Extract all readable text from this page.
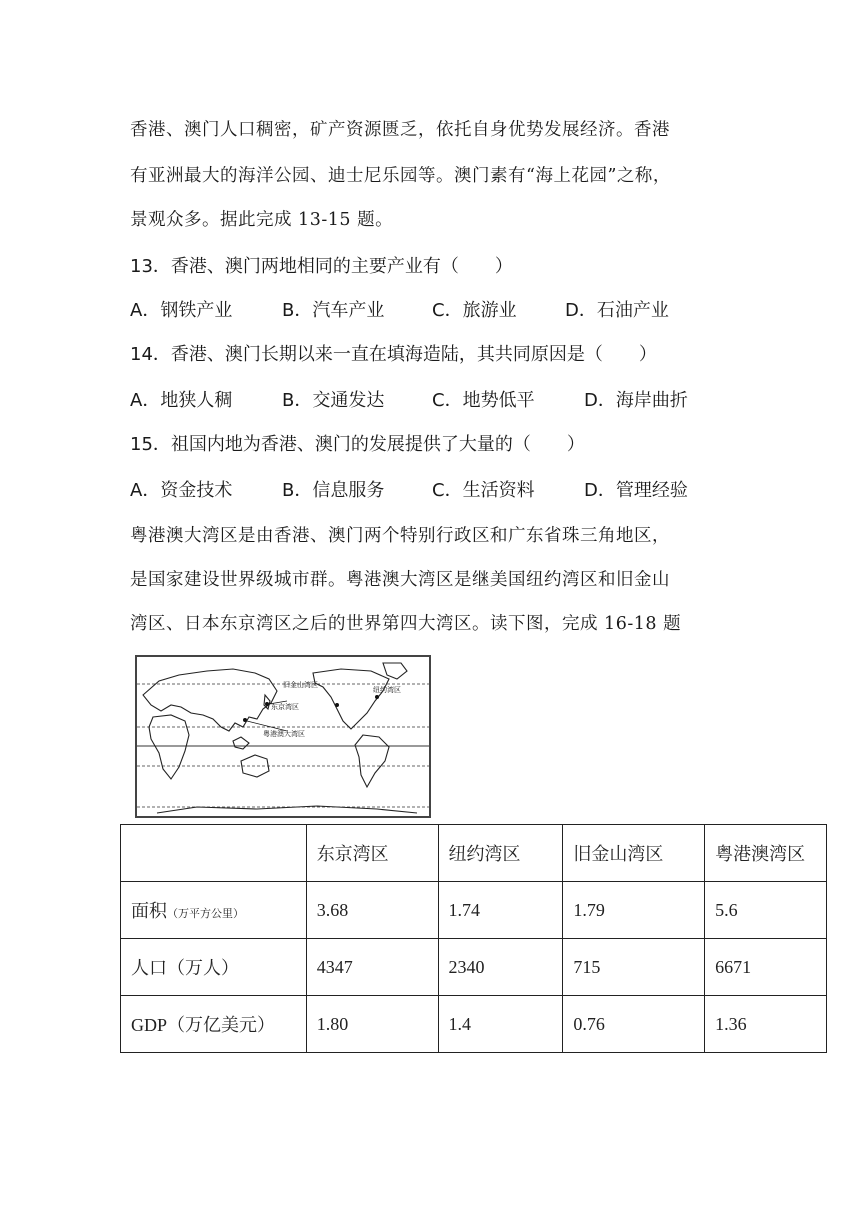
香港、澳门人口稠密，矿产资源匮乏，依托自身优势发展经济。香港
有亚洲最大的海洋公园、迪士尼乐园等。澳门素有“海上花园”之称，
景观众多。据此完成 13-15 题。
13．香港、澳门两地相同的主要产业有（　　）
A．钢铁产业	B．汽车产业	C．旅游业	D．石油产业
14．香港、澳门长期以来一直在填海造陆，其共同原因是（　　）
A．地狭人稠	B．交通发达	C．地势低平	D．海岸曲折
15．祖国内地为香港、澳门的发展提供了大量的（　　）
A．资金技术	B．信息服务	C．生活资料	D．管理经验
粤港澳大湾区是由香港、澳门两个特别行政区和广东省珠三角地区，
是国家建设世界级城市群。粤港澳大湾区是继美国纽约湾区和旧金山
湾区、日本东京湾区之后的世界第四大湾区。读下图，完成 16-18 题
旧金山湾区
纽约湾区
东京湾区
粤港澳大湾区
	东京湾区	纽约湾区	旧金山湾区	粤港澳湾区
面积（万平方公里）	3.68	1.74	1.79	5.6
人口（万人）	4347	2340	715	6671
GDP（万亿美元）	1.80	1.4	0.76	1.36
